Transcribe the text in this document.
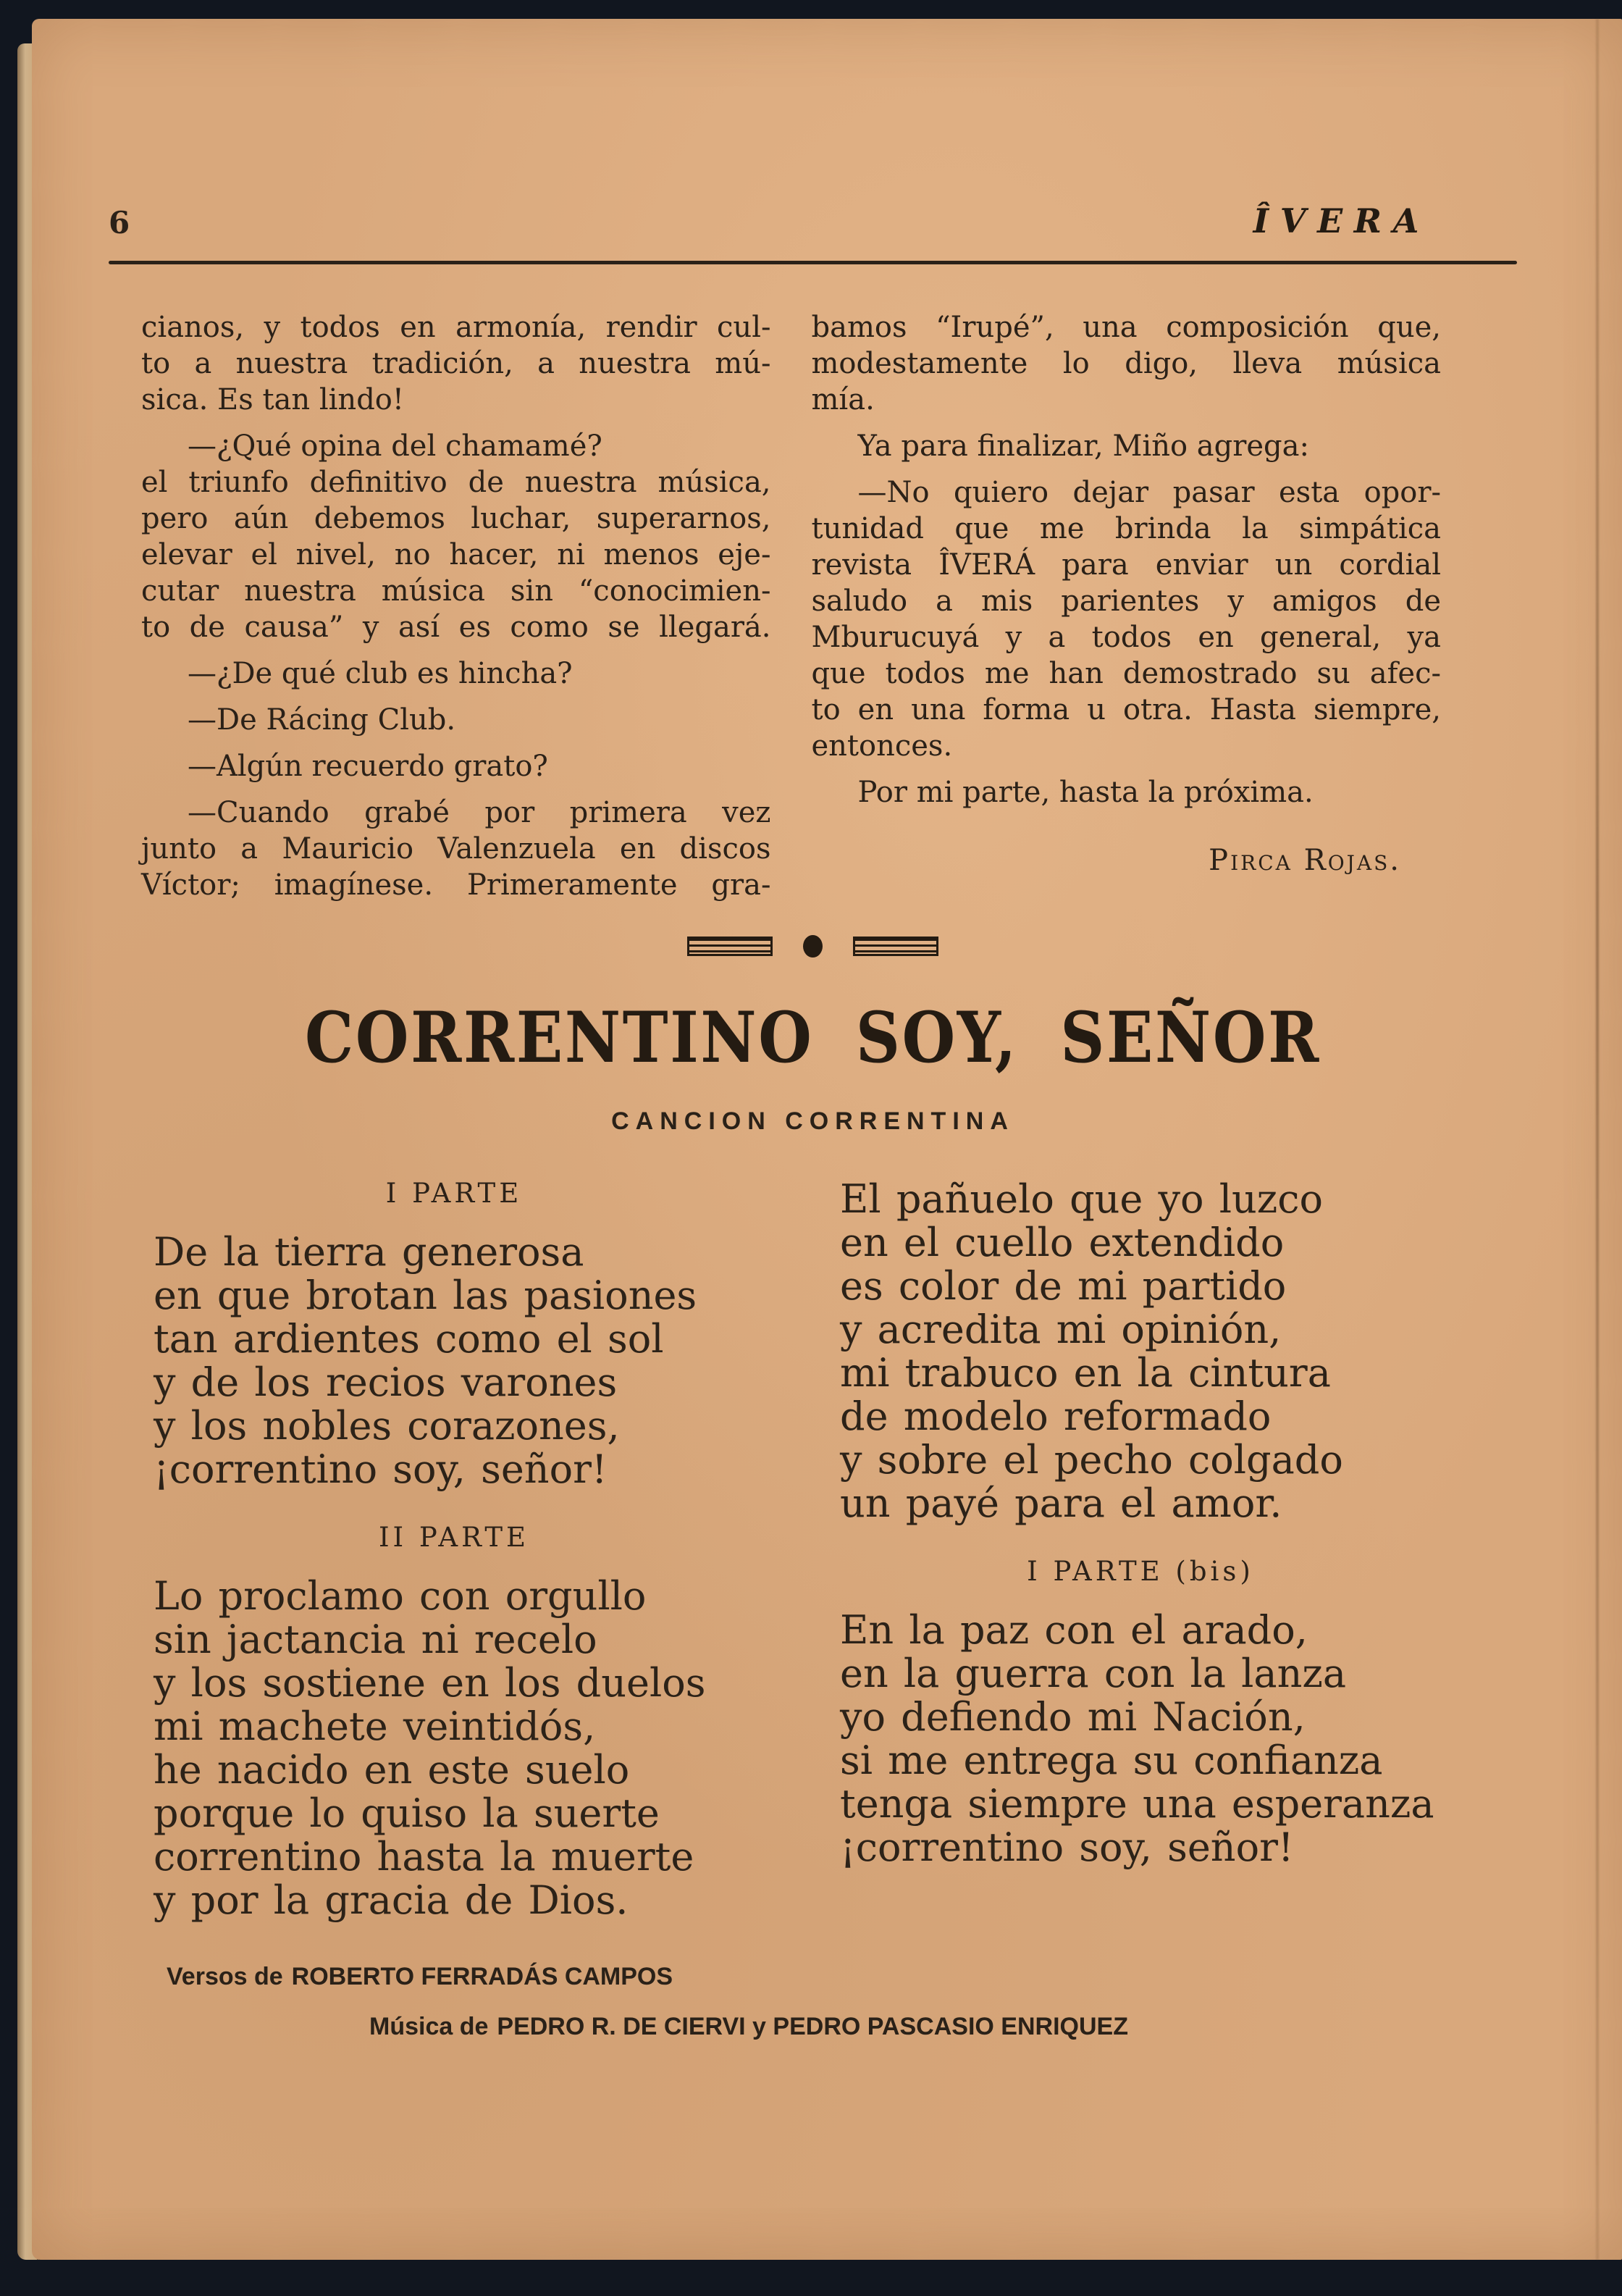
6	ÎVERA
cianos, y todos en armonía, rendir cul-
to a nuestra tradición, a nuestra mú-
sica. Es tan lindo!
—¿Qué opina del chamamé?
el triunfo definitivo de nuestra música,
pero aún debemos luchar, superarnos,
elevar el nivel, no hacer, ni menos eje-
cutar nuestra música sin “conocimien-
to de causa” y así es como se llegará.
—¿De qué club es hincha?
—De Rácing Club.
—Algún recuerdo grato?
—Cuando grabé por primera vez
junto a Mauricio Valenzuela en discos
Víctor; imagínese. Primeramente gra-
bamos “Irupé”, una composición que,
modestamente lo digo, lleva música
mía.
Ya para finalizar, Miño agrega:
—No quiero dejar pasar esta opor-
tunidad que me brinda la simpática
revista ÎVERÁ para enviar un cordial
saludo a mis parientes y amigos de
Mburucuyá y a todos en general, ya
que todos me han demostrado su afec-
to en una forma u otra. Hasta siempre,
entonces.
Por mi parte, hasta la próxima.
Pirca Rojas.
CORRENTINO SOY, SEÑOR
CANCION CORRENTINA
I PARTE
De la tierra generosa
en que brotan las pasiones
tan ardientes como el sol
y de los recios varones
y los nobles corazones,
¡correntino soy, señor!
II PARTE
Lo proclamo con orgullo
sin jactancia ni recelo
y los sostiene en los duelos
mi machete veintidós,
he nacido en este suelo
porque lo quiso la suerte
correntino hasta la muerte
y por la gracia de Dios.
El pañuelo que yo luzco
en el cuello extendido
es color de mi partido
y acredita mi opinión,
mi trabuco en la cintura
de modelo reformado
y sobre el pecho colgado
un payé para el amor.
I PARTE (bis)
En la paz con el arado,
en la guerra con la lanza
yo defiendo mi Nación,
si me entrega su confianza
tenga siempre una esperanza
¡correntino soy, señor!
Versos de ROBERTO FERRADÁS CAMPOS
Música de PEDRO R. DE CIERVI y PEDRO PASCASIO ENRIQUEZ
